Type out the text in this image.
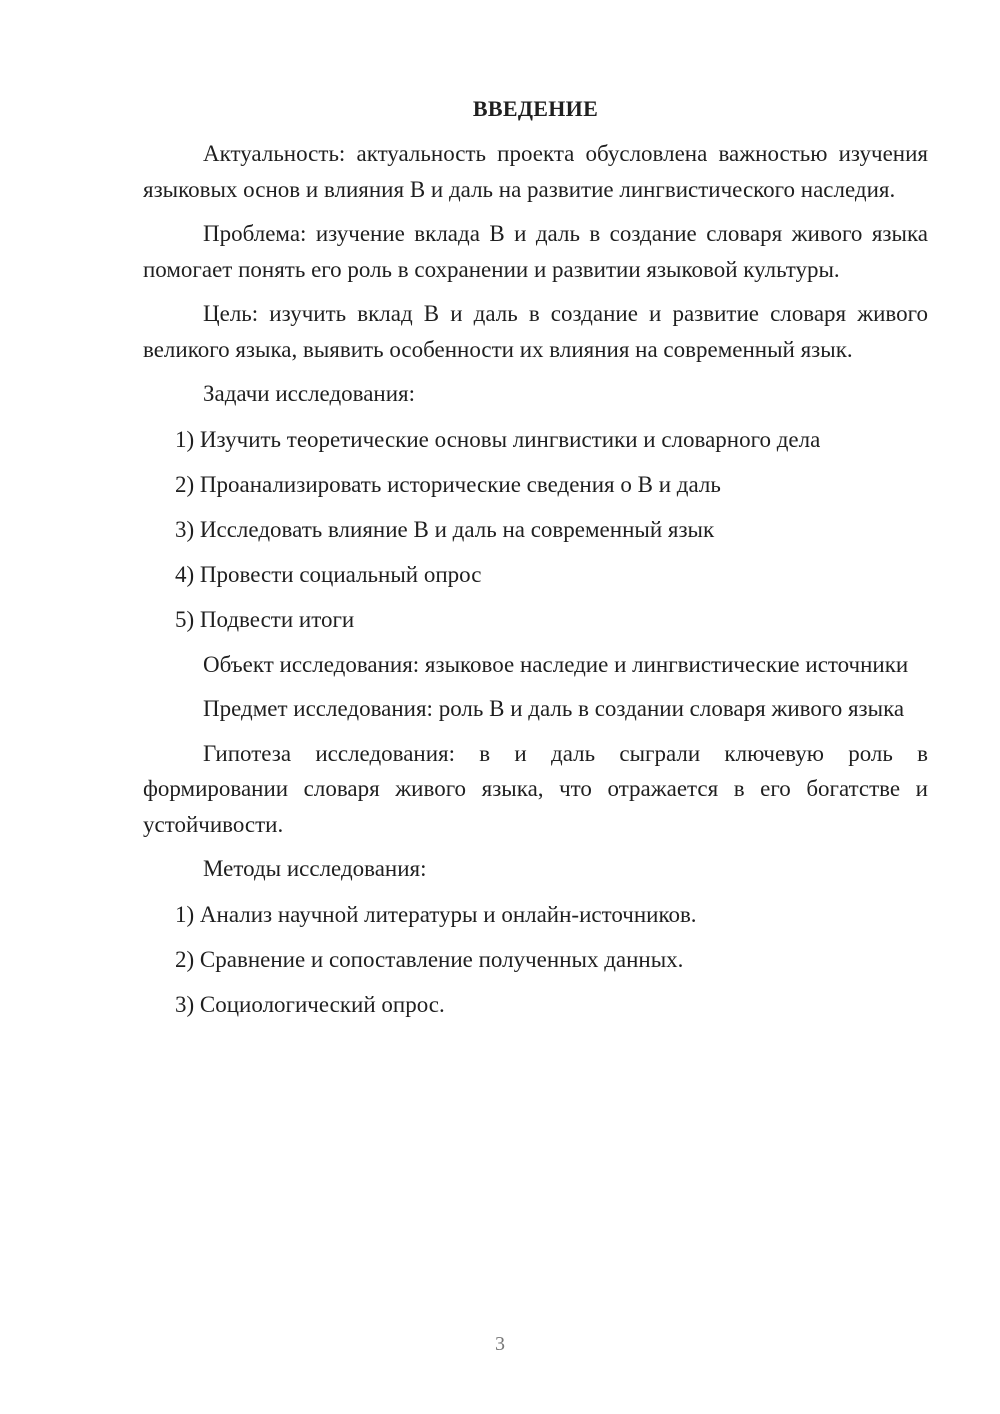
ВВЕДЕНИЕ

Актуальность: актуальность проекта обусловлена важностью изучения языковых основ и влияния В и даль на развитие лингвистического наследия.

Проблема: изучение вклада В и даль в создание словаря живого языка помогает понять его роль в сохранении и развитии языковой культуры.

Цель: изучить вклад В и даль в создание и развитие словаря живого великого языка, выявить особенности их влияния на современный язык.

Задачи исследования:
1) Изучить теоретические основы лингвистики и словарного дела
2) Проанализировать исторические сведения о В и даль
3) Исследовать влияние В и даль на современный язык
4) Провести социальный опрос
5) Подвести итоги

Объект исследования: языковое наследие и лингвистические источники

Предмет исследования: роль В и даль в создании словаря живого языка

Гипотеза исследования: в и даль сыграли ключевую роль в формировании словаря живого языка, что отражается в его богатстве и устойчивости.

Методы исследования:
1) Анализ научной литературы и онлайн-источников.
2) Сравнение и сопоставление полученных данных.
3) Социологический опрос.
3
